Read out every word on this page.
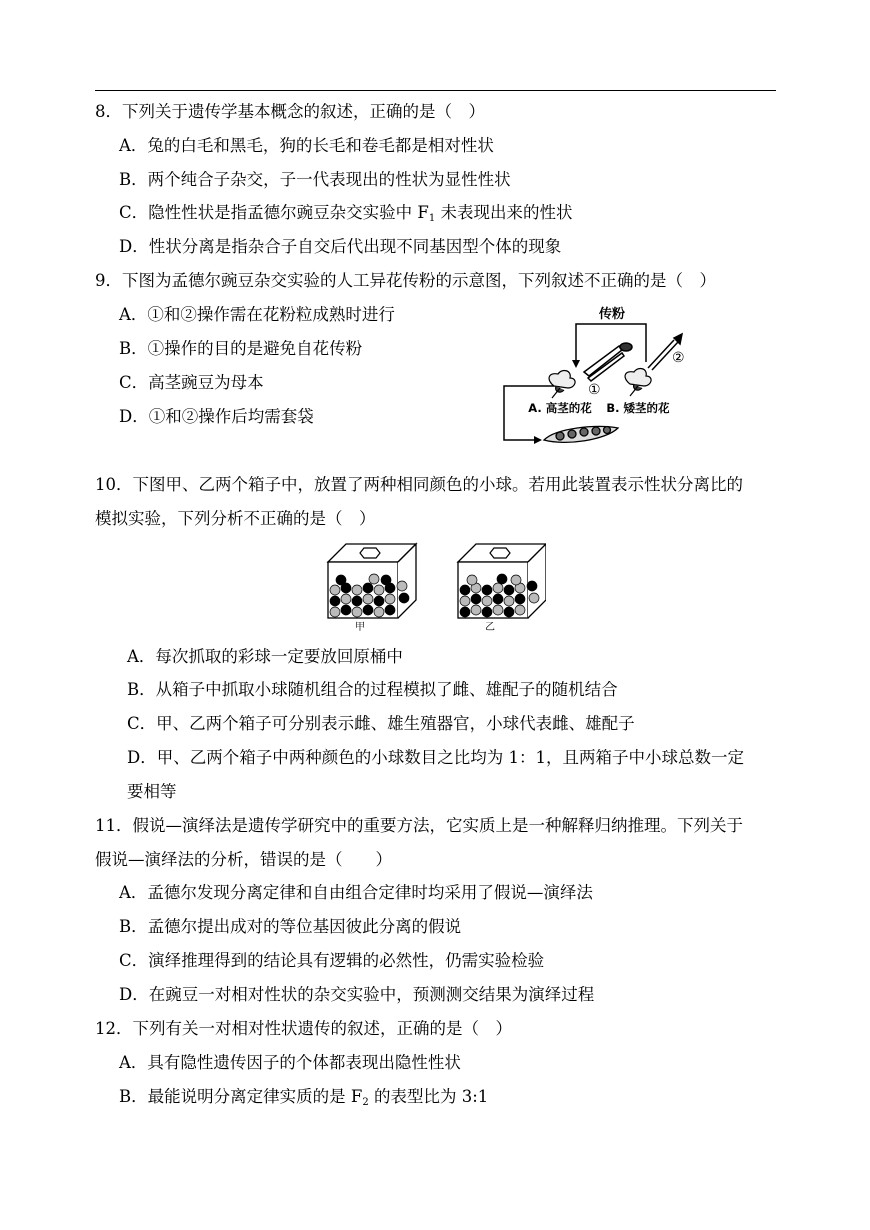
8．下列关于遗传学基本概念的叙述，正确的是（　）
A．兔的白毛和黑毛，狗的长毛和卷毛都是相对性状
B．两个纯合子杂交，子一代表现出的性状为显性性状
C．隐性性状是指孟德尔豌豆杂交实验中 $F_1$ 未表现出来的性状
D．性状分离是指杂合子自交后代出现不同基因型个体的现象
9．下图为孟德尔豌豆杂交实验的人工异花传粉的示意图，下列叙述不正确的是（　）
A．①和②操作需在花粉粒成熟时进行
B．①操作的目的是避免自花传粉
C．高茎豌豆为母本
D．①和②操作后均需套袋
传粉
①
②
A. 高茎的花 B. 矮茎的花
10．下图甲、乙两个箱子中，放置了两种相同颜色的小球。若用此装置表示性状分离比的
模拟实验，下列分析不正确的是（　）
甲	乙
A．每次抓取的彩球一定要放回原桶中
B．从箱子中抓取小球随机组合的过程模拟了雌、雄配子的随机结合
C．甲、乙两个箱子可分别表示雌、雄生殖器官，小球代表雌、雄配子
D．甲、乙两个箱子中两种颜色的小球数目之比均为 1：1，且两箱子中小球总数一定
要相等
11．假说—演绎法是遗传学研究中的重要方法，它实质上是一种解释归纳推理。下列关于
假说—演绎法的分析，错误的是（　　）
A．孟德尔发现分离定律和自由组合定律时均采用了假说—演绎法
B．孟德尔提出成对的等位基因彼此分离的假说
C．演绎推理得到的结论具有逻辑的必然性，仍需实验检验
D．在豌豆一对相对性状的杂交实验中，预测测交结果为演绎过程
12．下列有关一对相对性状遗传的叙述，正确的是（　）
A．具有隐性遗传因子的个体都表现出隐性性状
B．最能说明分离定律实质的是 $F_2$ 的表型比为 3:1
